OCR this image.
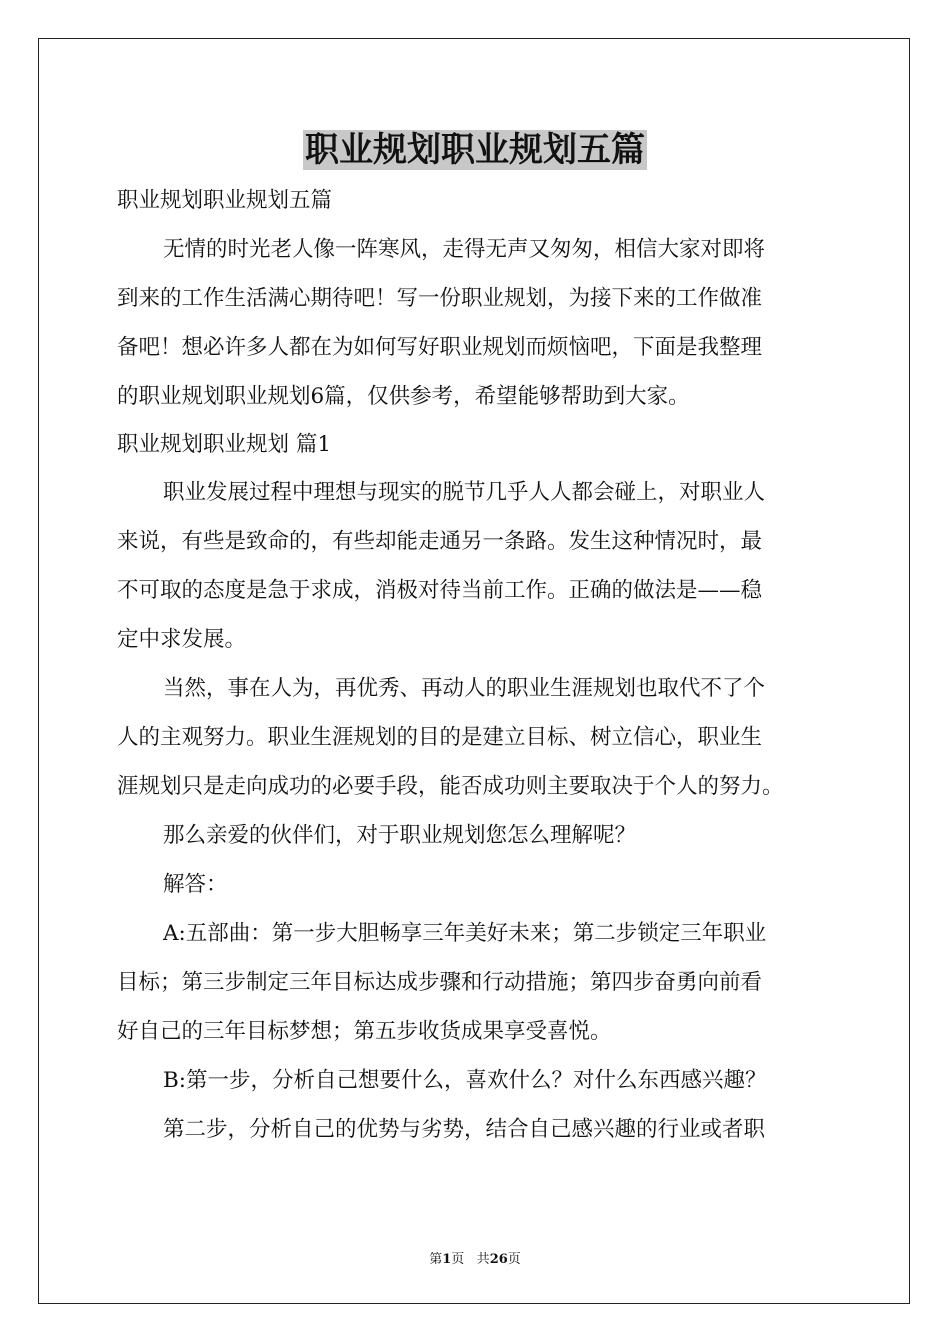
职业规划职业规划五篇
职业规划职业规划五篇
无情的时光老人像一阵寒风，走得无声又匆匆，相信大家对即将
到来的工作生活满心期待吧！写一份职业规划，为接下来的工作做准
备吧！想必许多人都在为如何写好职业规划而烦恼吧，下面是我整理
的职业规划职业规划6篇，仅供参考，希望能够帮助到大家。
职业规划职业规划 篇1
职业发展过程中理想与现实的脱节几乎人人都会碰上，对职业人
来说，有些是致命的，有些却能走通另一条路。发生这种情况时，最
不可取的态度是急于求成，消极对待当前工作。正确的做法是——稳
定中求发展。
当然，事在人为，再优秀、再动人的职业生涯规划也取代不了个
人的主观努力。职业生涯规划的目的是建立目标、树立信心，职业生
涯规划只是走向成功的必要手段，能否成功则主要取决于个人的努力。
那么亲爱的伙伴们，对于职业规划您怎么理解呢？
解答：
A:五部曲：第一步大胆畅享三年美好未来；第二步锁定三年职业
目标；第三步制定三年目标达成步骤和行动措施；第四步奋勇向前看
好自己的三年目标梦想；第五步收货成果享受喜悦。
B:第一步，分析自己想要什么，喜欢什么？对什么东西感兴趣？
第二步，分析自己的优势与劣势，结合自己感兴趣的行业或者职
第1页 共26页
